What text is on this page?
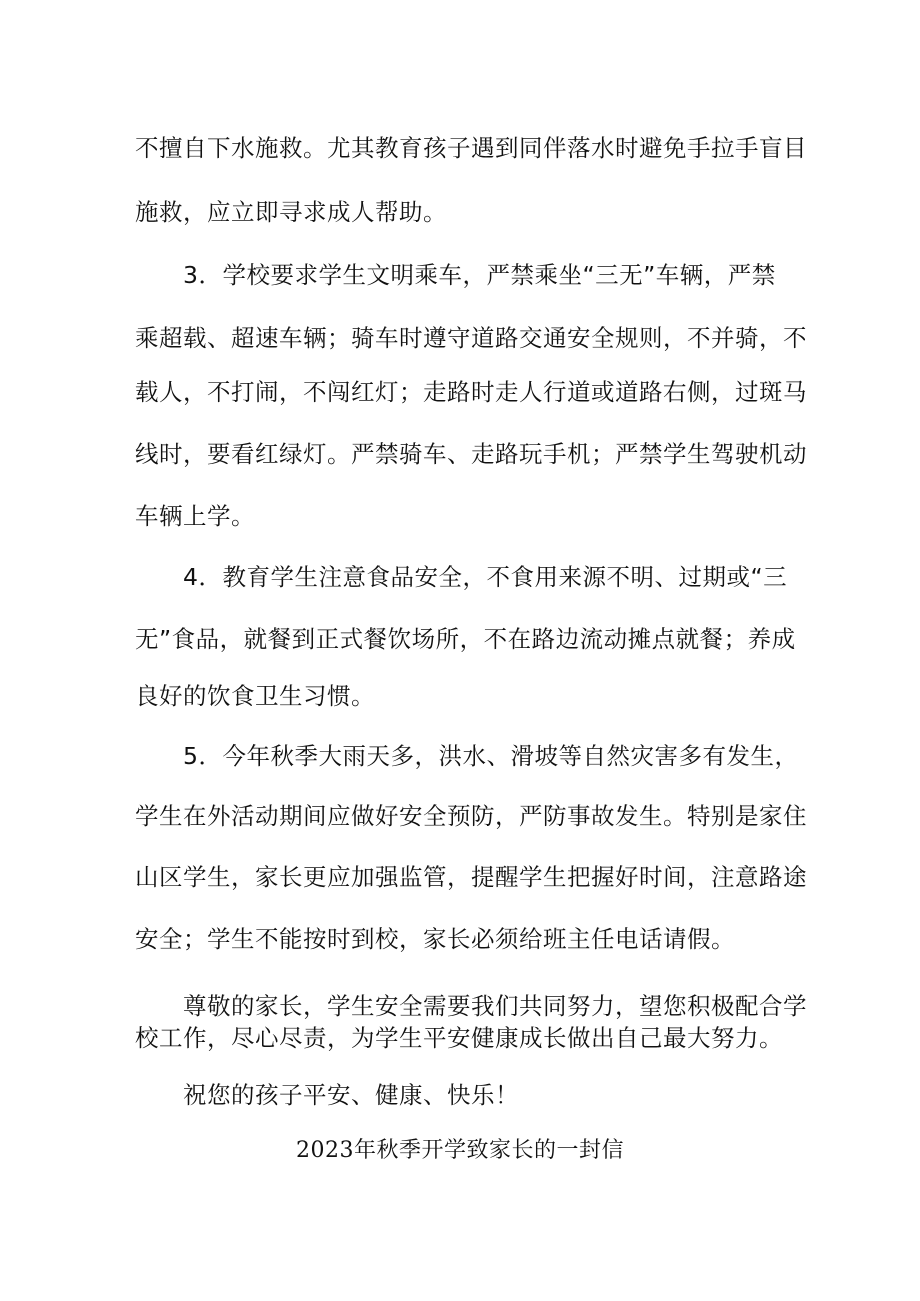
不擅自下水施救。尤其教育孩子遇到同伴落水时避免手拉手盲目
施救，应立即寻求成人帮助。
3．学校要求学生文明乘车，严禁乘坐“三无”车辆，严禁
乘超载、超速车辆；骑车时遵守道路交通安全规则，不并骑，不
载人，不打闹，不闯红灯；走路时走人行道或道路右侧，过斑马
线时，要看红绿灯。严禁骑车、走路玩手机；严禁学生驾驶机动
车辆上学。
4．教育学生注意食品安全，不食用来源不明、过期或“三
无”食品，就餐到正式餐饮场所，不在路边流动摊点就餐；养成
良好的饮食卫生习惯。
5．今年秋季大雨天多，洪水、滑坡等自然灾害多有发生，
学生在外活动期间应做好安全预防，严防事故发生。特别是家住
山区学生，家长更应加强监管，提醒学生把握好时间，注意路途
安全；学生不能按时到校，家长必须给班主任电话请假。
尊敬的家长，学生安全需要我们共同努力，望您积极配合学
校工作，尽心尽责，为学生平安健康成长做出自己最大努力。
祝您的孩子平安、健康、快乐！
2023年秋季开学致家长的一封信
